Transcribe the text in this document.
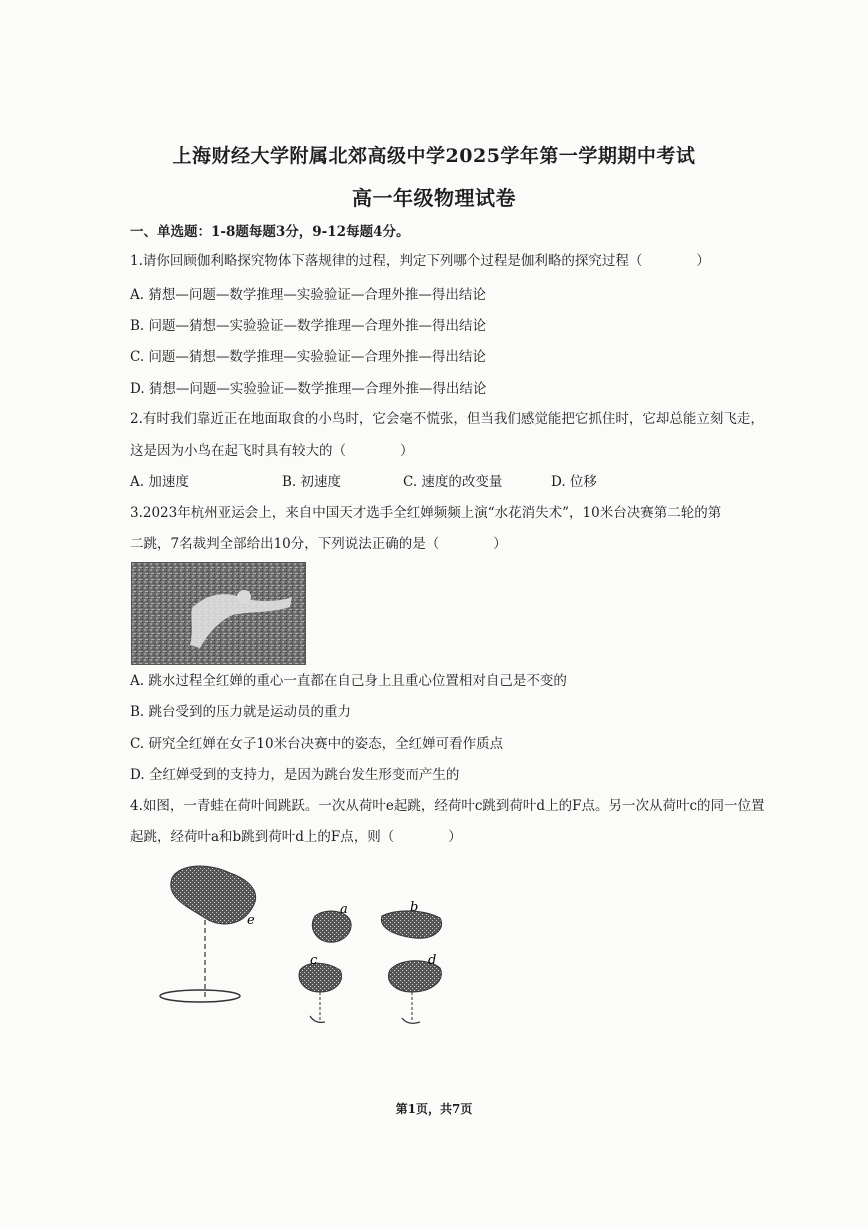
上海财经大学附属北郊高级中学2025学年第一学期期中考试
高一年级物理试卷
一、单选题：1-8题每题3分，9-12每题4分。
1.请你回顾伽利略探究物体下落规律的过程，判定下列哪个过程是伽利略的探究过程（　　　　）
A. 猜想—问题—数学推理—实验验证—合理外推—得出结论
B. 问题—猜想—实验验证—数学推理—合理外推—得出结论
C. 问题—猜想—数学推理—实验验证—合理外推—得出结论
D. 猜想—问题—实验验证—数学推理—合理外推—得出结论
2.有时我们靠近正在地面取食的小鸟时，它会毫不慌张，但当我们感觉能把它抓住时，它却总能立刻飞走，
这是因为小鸟在起飞时具有较大的（　　　　）
A. 加速度	B. 初速度	C. 速度的改变量	D. 位移
3.2023年杭州亚运会上，来自中国天才选手全红婵频频上演“水花消失术”，10米台决赛第二轮的第
二跳，7名裁判全部给出10分，下列说法正确的是（　　　　）
A. 跳水过程全红婵的重心一直都在自己身上且重心位置相对自己是不变的
B. 跳台受到的压力就是运动员的重力
C. 研究全红婵在女子10米台决赛中的姿态，全红婵可看作质点
D. 全红婵受到的支持力，是因为跳台发生形变而产生的
4.如图，一青蛙在荷叶间跳跃。一次从荷叶e起跳，经荷叶c跳到荷叶d上的F点。另一次从荷叶c的同一位置
起跳，经荷叶a和b跳到荷叶d上的F点，则（　　　　）
e
a	b
c	d
第1页，共7页
